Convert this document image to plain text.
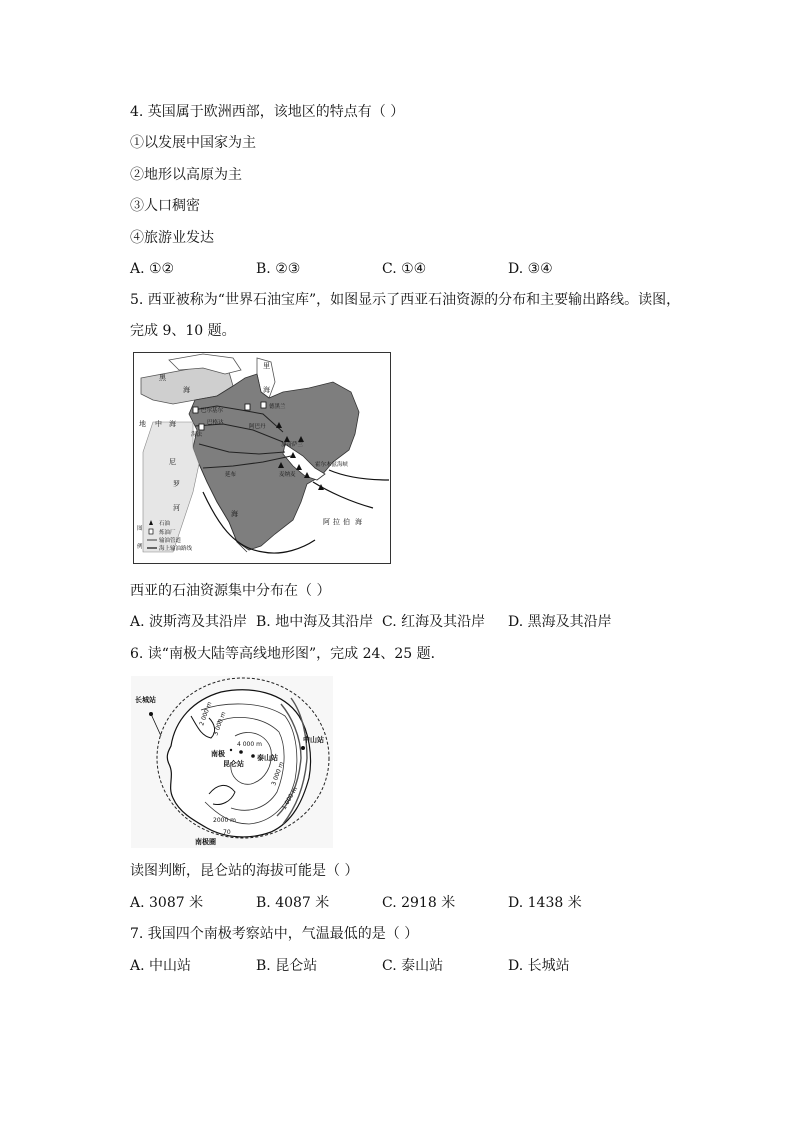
4. 英国属于欧洲西部，该地区的特点有（ ）
①以发展中国家为主
②地形以高原为主
③人口稠密
④旅游业发达
A. ①②	B. ②③	C. ①④	D. ③④
5. 西亚被称为“世界石油宝库”，如图显示了西亚石油资源的分布和主要输出路线。读图，
完成 9、10 题。
黑
海
里
海
地 中 海
尼
罗
河
海
阿 拉 伯 海
巴尔基尔
巴格达
海法
德黑兰
阿巴丹
加奇萨兰
延布
霍尔木兹海峡
麦纳麦
图
例
石油
炼油厂
输油管道
海上输油路线
西亚的石油资源集中分布在（ ）
A. 波斯湾及其沿岸 B. 地中海及其沿岸 C. 红海及其沿岸 D. 黑海及其沿岸
6. 读“南极大陆等高线地形图”，完成 24、25 题．
长城站
中山站
昆仑站
泰山站
南极
南极圈
4 000 m
3 000 m
3 000 m
2 000 m
2000 m
1 000 m
70
读图判断，昆仑站的海拔可能是（ ）
A. 3087 米	B. 4087 米	C. 2918 米	D. 1438 米
7. 我国四个南极考察站中，气温最低的是（ ）
A. 中山站	B. 昆仑站	C. 泰山站	D. 长城站
